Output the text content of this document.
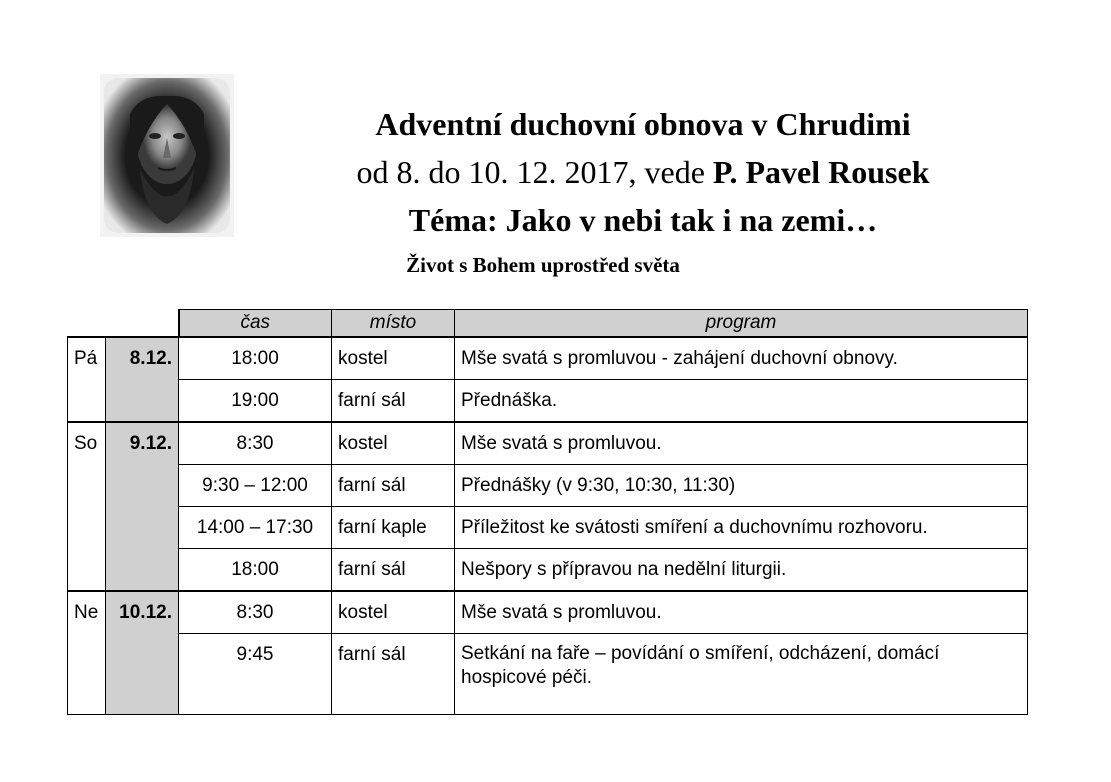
Adventní duchovní obnova v Chrudimi
od 8. do 10. 12. 2017, vede P. Pavel Rousek
Téma: Jako v nebi tak i na zemi…
Život s Bohem uprostřed světa
		čas	místo	program
Pá	8.12.	18:00	kostel	Mše svatá s promluvou - zahájení duchovní obnovy.
		19:00	farní sál	Přednáška.
So	9.12.	8:30	kostel	Mše svatá s promluvou.
		9:30 – 12:00	farní sál	Přednášky (v 9:30, 10:30, 11:30)
		14:00 – 17:30	farní kaple	Příležitost ke svátosti smíření a duchovnímu rozhovoru.
		18:00	farní sál	Nešpory s přípravou na nedělní liturgii.
Ne	10.12.	8:30	kostel	Mše svatá s promluvou.
		9:45	farní sál	Setkání na faře – povídání o smíření, odcházení, domácí hospicové péči.
